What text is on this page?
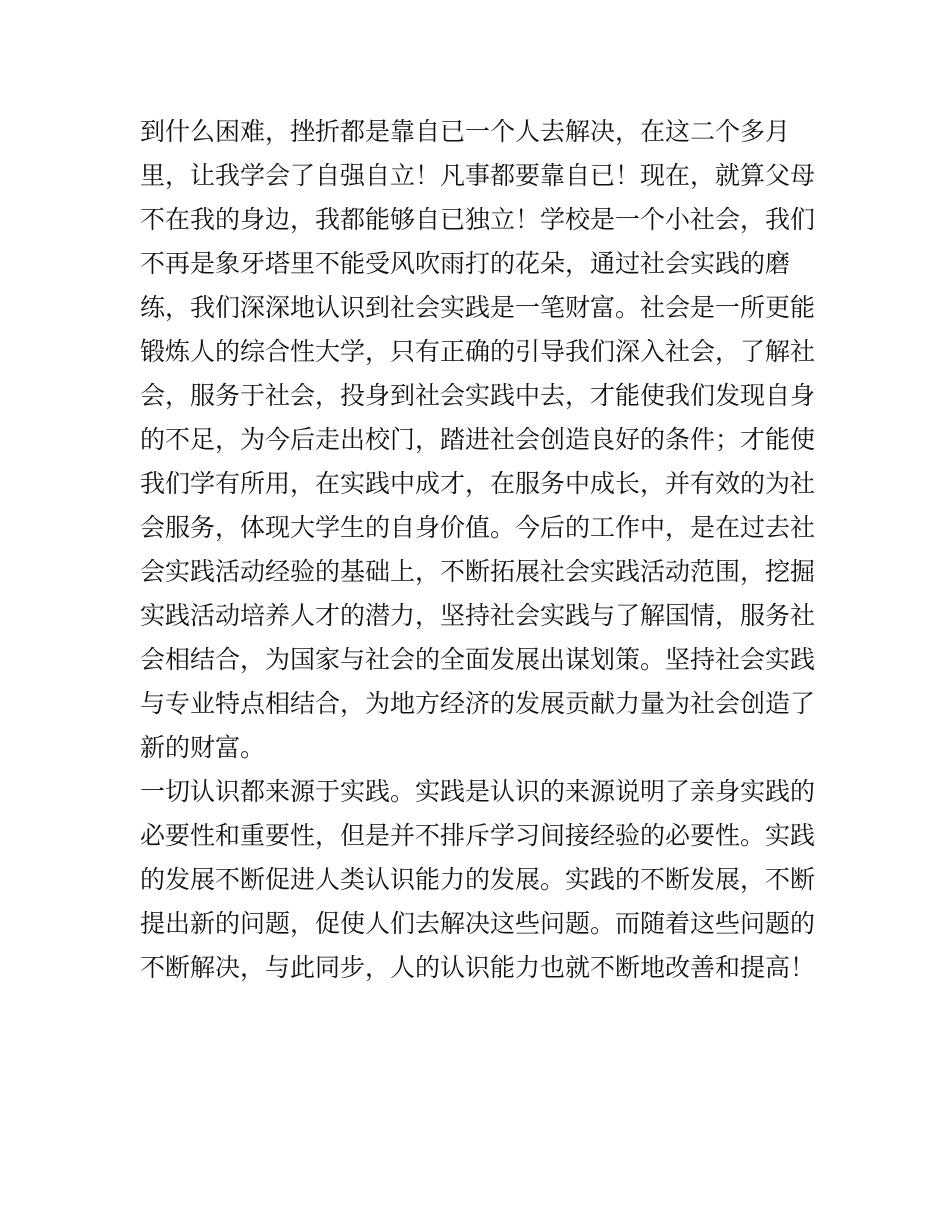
到什么困难，挫折都是靠自已一个人去解决，在这二个多月
里，让我学会了自强自立！凡事都要靠自已！现在，就算父母
不在我的身边，我都能够自已独立！学校是一个小社会，我们
不再是象牙塔里不能受风吹雨打的花朵，通过社会实践的磨
练，我们深深地认识到社会实践是一笔财富。社会是一所更能
锻炼人的综合性大学，只有正确的引导我们深入社会，了解社
会，服务于社会，投身到社会实践中去，才能使我们发现自身
的不足，为今后走出校门，踏进社会创造良好的条件；才能使
我们学有所用，在实践中成才，在服务中成长，并有效的为社
会服务，体现大学生的自身价值。今后的工作中，是在过去社
会实践活动经验的基础上，不断拓展社会实践活动范围，挖掘
实践活动培养人才的潜力，坚持社会实践与了解国情，服务社
会相结合，为国家与社会的全面发展出谋划策。坚持社会实践
与专业特点相结合，为地方经济的发展贡献力量为社会创造了
新的财富。
一切认识都来源于实践。实践是认识的来源说明了亲身实践的
必要性和重要性，但是并不排斥学习间接经验的必要性。实践
的发展不断促进人类认识能力的发展。实践的不断发展，不断
提出新的问题，促使人们去解决这些问题。而随着这些问题的
不断解决，与此同步，人的认识能力也就不断地改善和提高！
